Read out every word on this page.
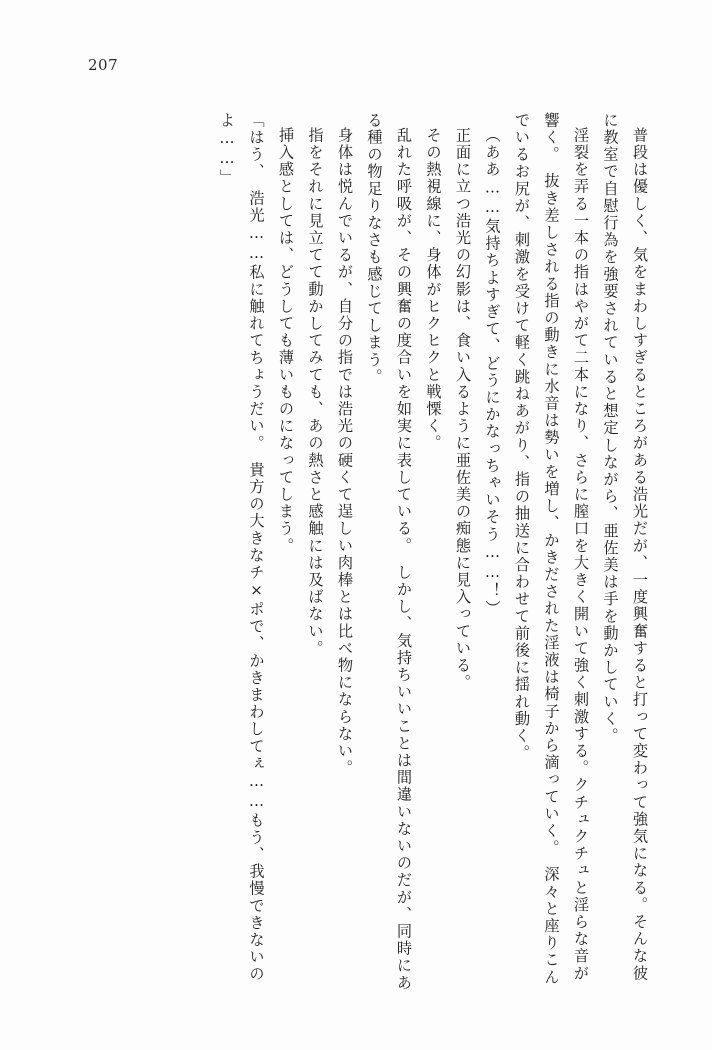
207

普段は優しく、気をまわしすぎるところがある浩光だが、一度興奮すると打って変わって強気になる。そんな彼に教室で自慰行為を強要されていると想定しながら、亜佐美は手を動かしていく。

淫裂を弄る一本の指はやがて二本になり、さらに膣口を大きく開いて強く刺激する。クチュクチュと淫らな音が響く。　抜き差しされる指の動きに水音は勢いを増し、かきだされた淫液は椅子から滴っていく。　深々と座りこんでいるお尻が、刺激を受けて軽く跳ねあがり、指の抽送に合わせて前後に揺れ動く。

（ああ……気持ちよすぎて、どうにかなっちゃいそう……！）

正面に立つ浩光の幻影は、食い入るように亜佐美の痴態に見入っている。

その熱視線に、身体がヒクヒクと戦慄く。

乱れた呼吸が、その興奮の度合いを如実に表している。　しかし、気持ちいいことは間違いないのだが、同時にある種の物足りなさも感じてしまう。

身体は悦んでいるが、自分の指では浩光の硬くて逞しい肉棒とは比べ物にならない。

指をそれに見立てて動かしてみても、あの熱さと感触には及ばない。

挿入感としては、どうしても薄いものになってしまう。

「はう、　浩光……私に触れてちょうだい。　貴方の大きなチ×ポで、かきまわしてぇ……もう、我慢できないのよ……」
